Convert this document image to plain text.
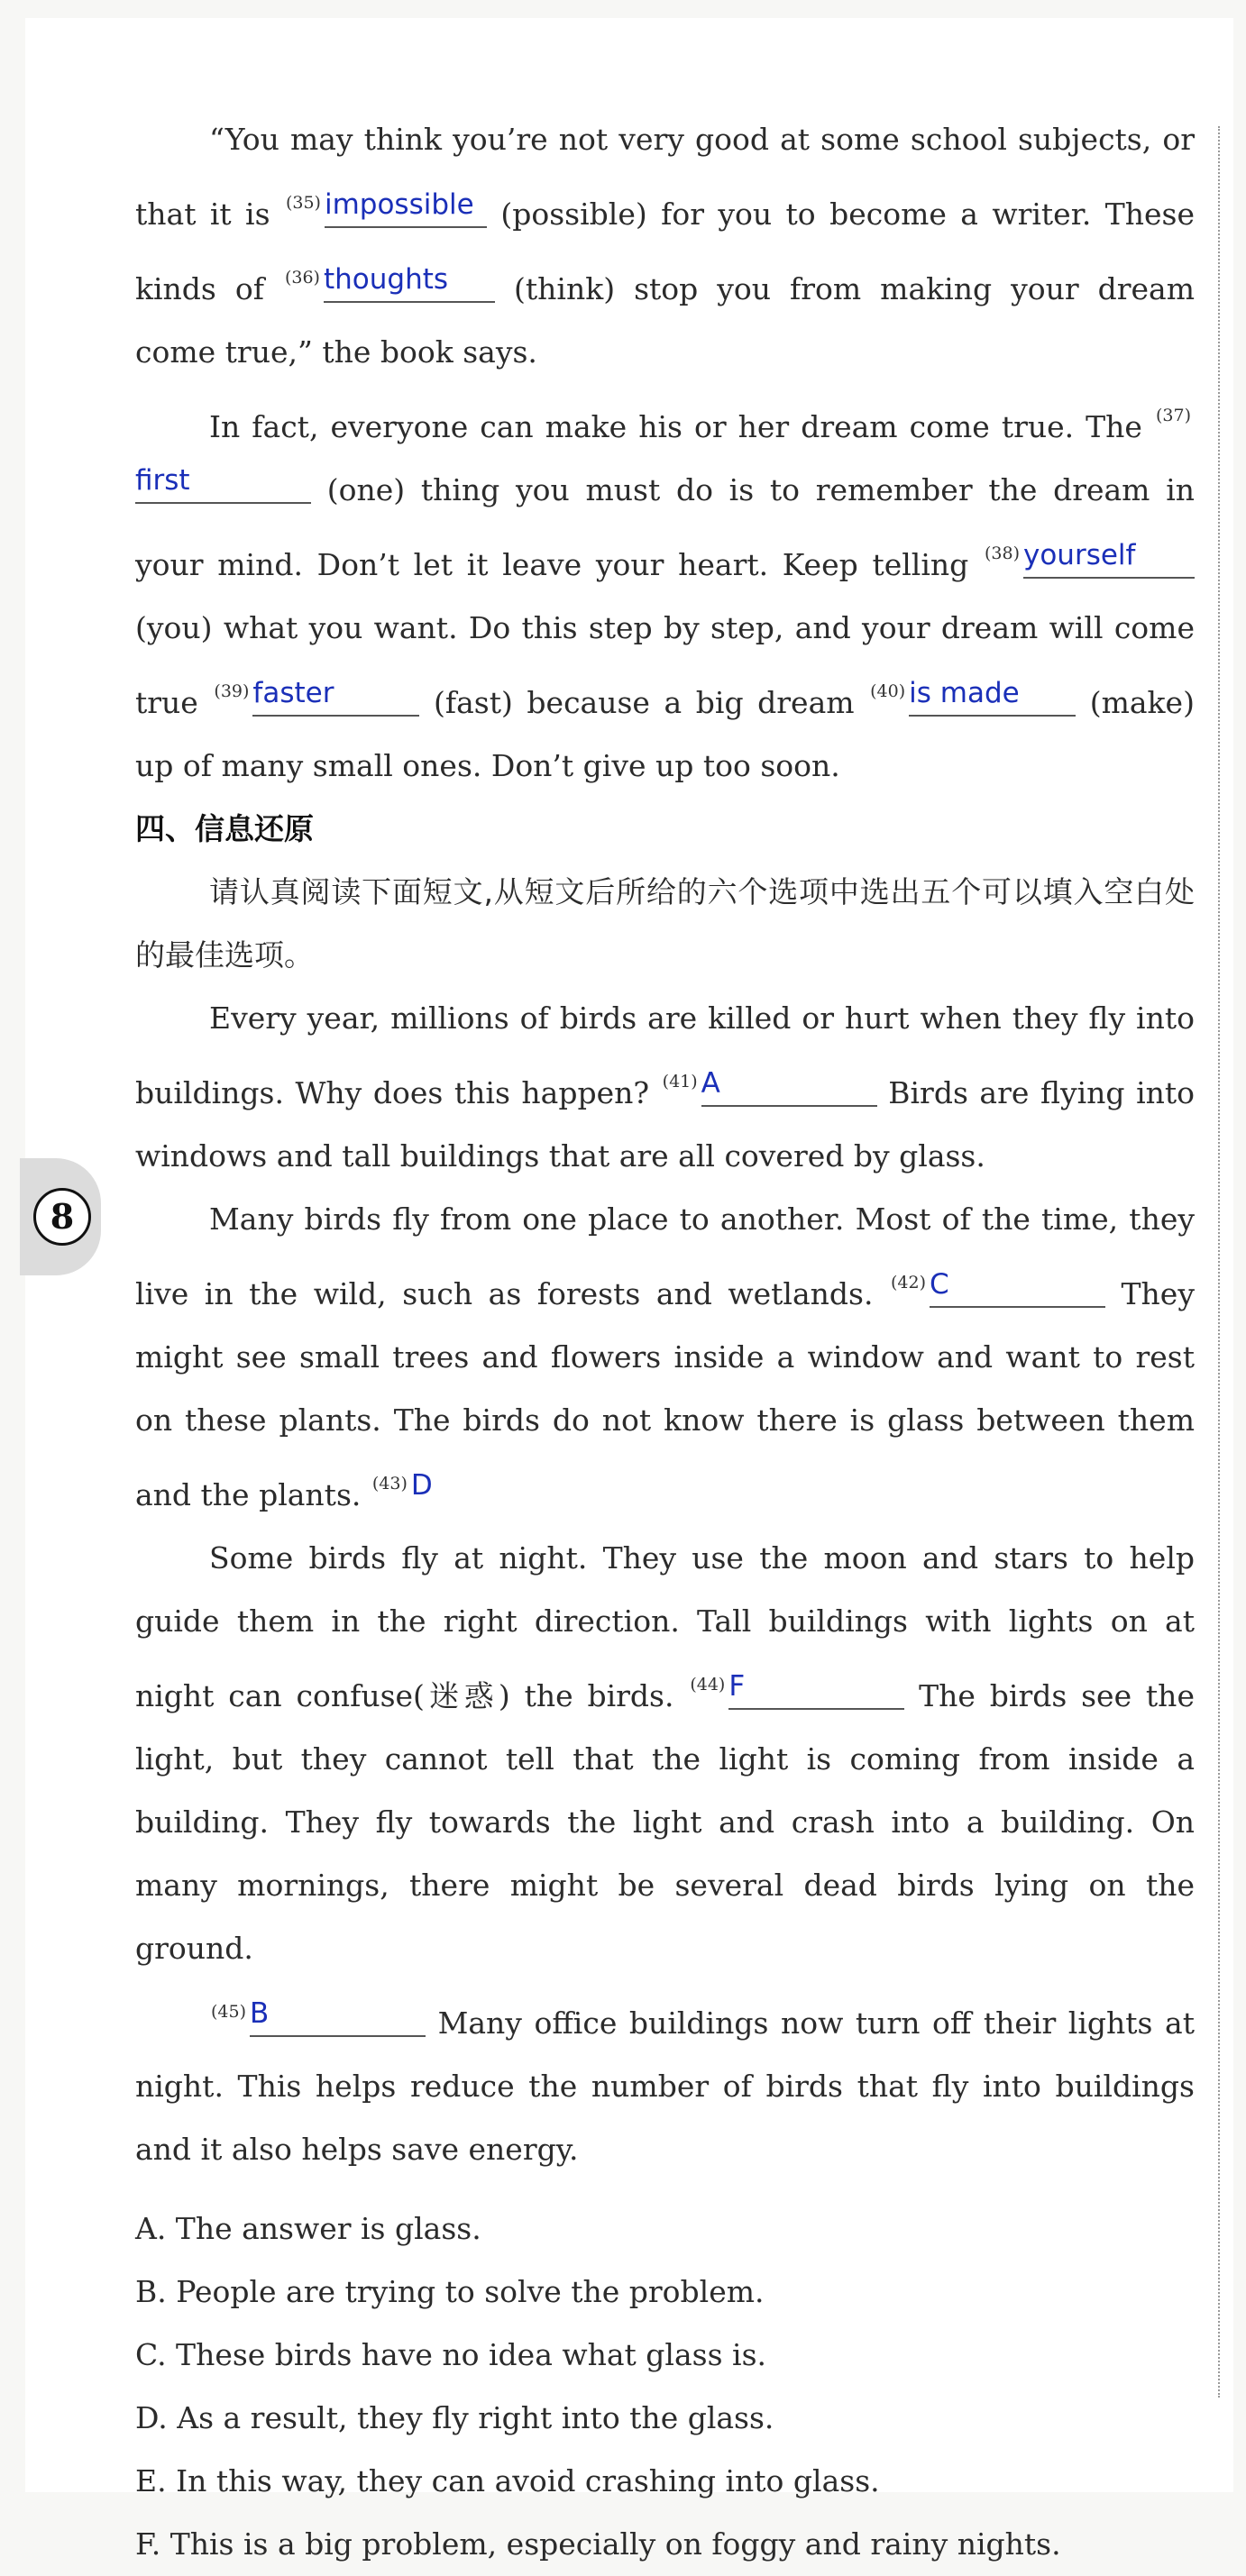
8

“You may think you’re not very good at some school subjects, or that it is $^{(35)}$ impossible (possible) for you to become a writer. These kinds of $^{(36)}$ thoughts	(think) stop you from making your dream come true,” the book says.

In fact, everyone can make his or her dream come true. The $^{(37)}$
first	(one) thing you must do is to remember the dream in your mind. Don’t let it leave your heart. Keep telling $^{(38)}$ yourself
(you) what you want. Do this step by step, and your dream will come true $^{(39)}$ faster	(fast) because a big dream $^{(40)}$ is made	(make) up of many small ones. Don’t give up too soon.

四、信息还原

请认真阅读下面短文,从短文后所给的六个选项中选出五个可以填入空白处的最佳选项。

Every year, millions of birds are killed or hurt when they fly into buildings. Why does this happen? $^{(41)}$ A	Birds are flying into windows and tall buildings that are all covered by glass.

Many birds fly from one place to another. Most of the time, they live in the wild, such as forests and wetlands. $^{(42)}$ C	They might see small trees and flowers inside a window and want to rest on these plants. The birds do not know there is glass between them and the plants. $^{(43)}$ D

Some birds fly at night. They use the moon and stars to help guide them in the right direction. Tall buildings with lights on at night can confuse(迷惑) the birds. $^{(44)}$ F	The birds see the light, but they cannot tell that the light is coming from inside a building. They fly towards the light and crash into a building. On many mornings, there might be several dead birds lying on the ground.

$^{(45)}$ B	Many office buildings now turn off their lights at night. This helps reduce the number of birds that fly into buildings and it also helps save energy.

A. The answer is glass.

B. People are trying to solve the problem.

C. These birds have no idea what glass is.

D. As a result, they fly right into the glass.

E. In this way, they can avoid crashing into glass.

F. This is a big problem, especially on foggy and rainy nights.
